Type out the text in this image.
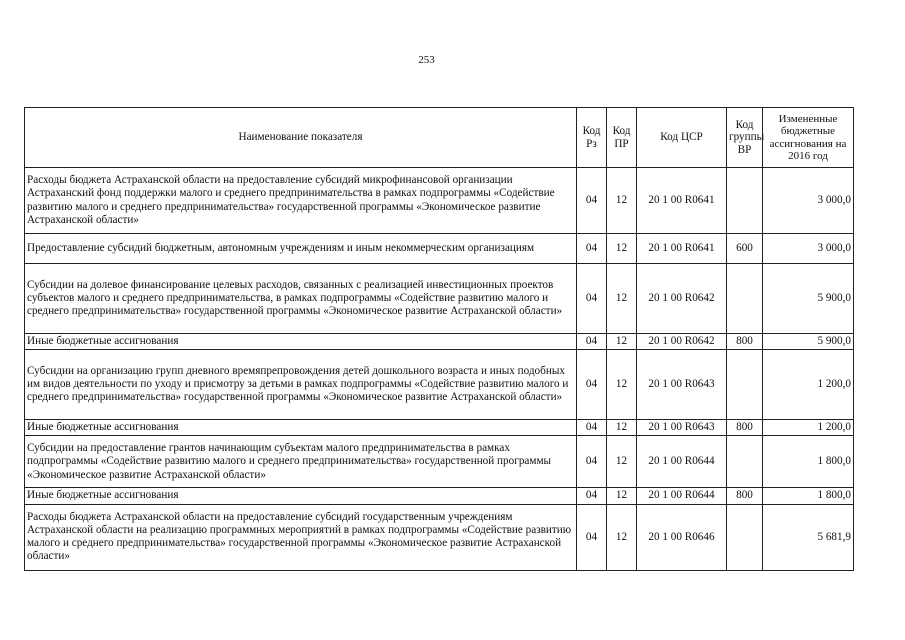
253
Наименование показателя	Код Рз	Код ПР	Код ЦСР	Код группы ВР	Измененные бюджетные ассигнования на 2016 год
Расходы бюджета Астраханской области на предоставление субсидий микрофинансовой организации Астраханский фонд поддержки малого и среднего предпринимательства в рамках подпрограммы «Содействие развитию малого и среднего предпринимательства» государственной программы «Экономическое развитие Астраханской области»	04	12	20 1 00 R0641		3 000,0
Предоставление субсидий бюджетным, автономным учреждениям и иным некоммерческим организациям	04	12	20 1 00 R0641	600	3 000,0
Субсидии на долевое финансирование целевых расходов, связанных с реализацией инвестиционных проектов субъектов малого и среднего предпринимательства, в рамках подпрограммы «Содействие развитию малого и среднего предпринимательства» государственной программы «Экономическое развитие Астраханской области»	04	12	20 1 00 R0642		5 900,0
Иные бюджетные ассигнования	04	12	20 1 00 R0642	800	5 900,0
Субсидии на организацию групп дневного времяпрепровождения детей дошкольного возраста и иных подобных им видов деятельности по уходу и присмотру за детьми в рамках подпрограммы «Содействие развитию малого и среднего предпринимательства» государственной программы «Экономическое развитие Астраханской области»	04	12	20 1 00 R0643		1 200,0
Иные бюджетные ассигнования	04	12	20 1 00 R0643	800	1 200,0
Субсидии на предоставление грантов начинающим субъектам малого предпринимательства в рамках подпрограммы «Содействие развитию малого и среднего предпринимательства» государственной программы «Экономическое развитие Астраханской области»	04	12	20 1 00 R0644		1 800,0
Иные бюджетные ассигнования	04	12	20 1 00 R0644	800	1 800,0
Расходы бюджета Астраханской области на предоставление субсидий государственным учреждениям Астраханской области на реализацию программных мероприятий в рамках подпрограммы «Содействие развитию малого и среднего предпринимательства» государственной программы «Экономическое развитие Астраханской области»	04	12	20 1 00 R0646		5 681,9
